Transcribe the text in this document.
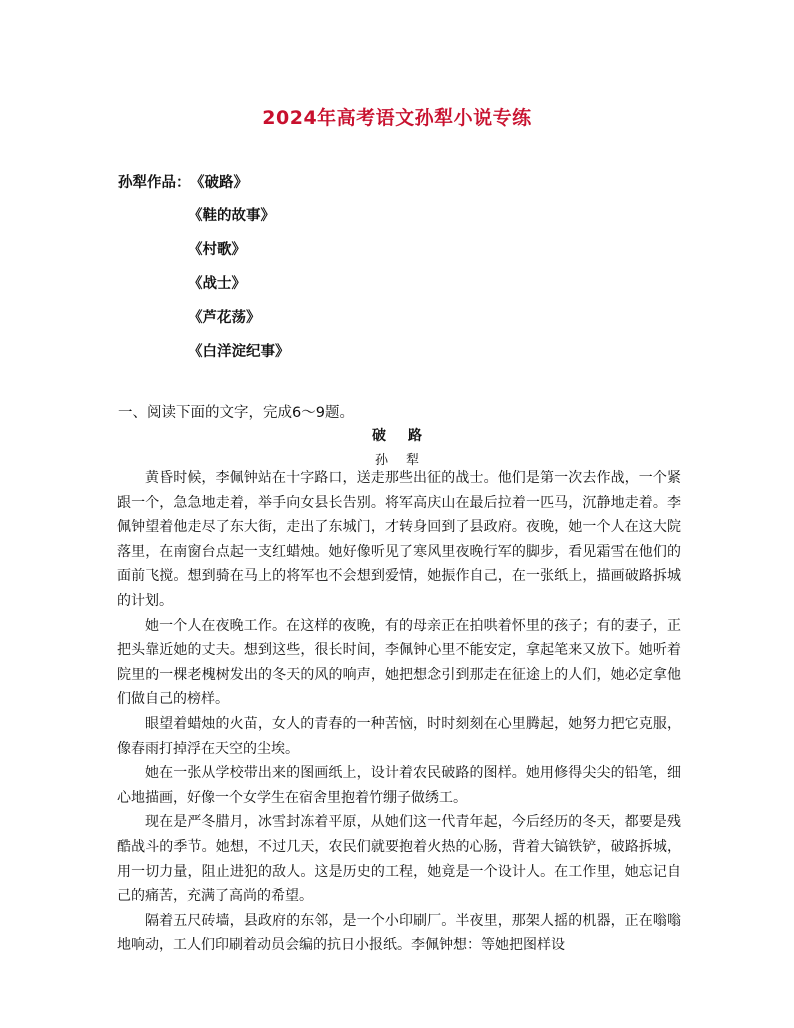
2024年高考语文孙犁小说专练
孙犁作品： 《破路》
《鞋的故事》
《村歌》
《战士》
《芦花荡》
《白洋淀纪事》
一、阅读下面的文字，完成6～9题。
破路
孙犁

黄昏时候，李佩钟站在十字路口，送走那些出征的战士。他们是第一次去作战，一个紧跟一个，急急地走着，举手向女县长告别。将军高庆山在最后拉着一匹马，沉静地走着。李佩钟望着他走尽了东大街，走出了东城门，才转身回到了县政府。夜晚，她一个人在这大院落里，在南窗台点起一支红蜡烛。她好像听见了寒风里夜晚行军的脚步，看见霜雪在他们的面前飞搅。想到骑在马上的将军也不会想到爱情，她振作自己，在一张纸上，描画破路拆城的计划。

她一个人在夜晚工作。在这样的夜晚，有的母亲正在拍哄着怀里的孩子；有的妻子，正把头靠近她的丈夫。想到这些，很长时间，李佩钟心里不能安定，拿起笔来又放下。她听着院里的一棵老槐树发出的冬天的风的响声，她把想念引到那走在征途上的人们，她必定拿他们做自己的榜样。

眼望着蜡烛的火苗，女人的青春的一种苦恼，时时刻刻在心里腾起，她努力把它克服，像春雨打掉浮在天空的尘埃。

她在一张从学校带出来的图画纸上，设计着农民破路的图样。她用修得尖尖的铅笔，细心地描画，好像一个女学生在宿舍里抱着竹绷子做绣工。

现在是严冬腊月，冰雪封冻着平原，从她们这一代青年起，今后经历的冬天，都要是残酷战斗的季节。她想，不过几天，农民们就要抱着火热的心肠，背着大镐铁铲，破路拆城，用一切力量，阻止进犯的敌人。这是历史的工程，她竟是一个设计人。在工作里，她忘记自己的痛苦，充满了高尚的希望。

隔着五尺砖墙，县政府的东邻，是一个小印刷厂。半夜里，那架人摇的机器，正在嗡嗡地响动，工人们印刷着动员会编的抗日小报纸。李佩钟想：等她把图样设
